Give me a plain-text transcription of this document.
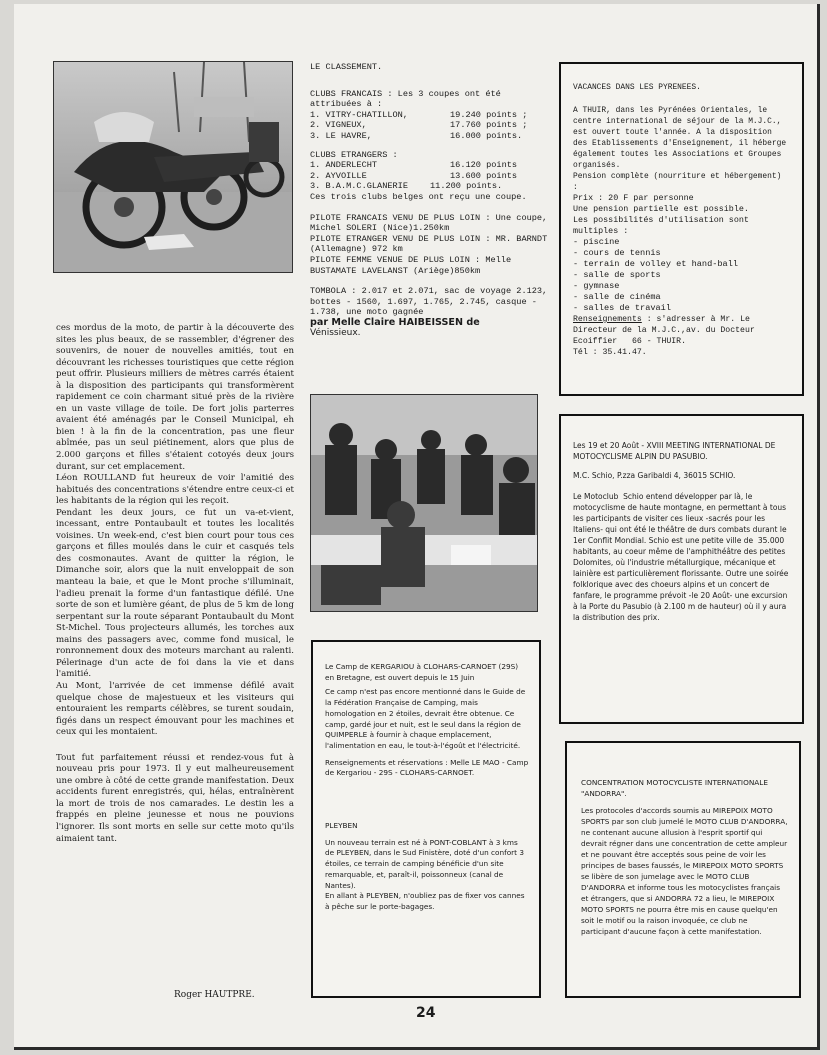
ces mordus de la moto, de partir à la découverte des sites les plus beaux, de se rassembler, d'égrener des souvenirs, de nouer de nouvelles amitiés, tout en découvrant les richesses touristiques que cette région peut offrir. Plusieurs milliers de mètres carrés étaient à la disposition des participants qui transformèrent rapidement ce coin charmant situé près de la rivière en un vaste village de toile. De fort jolis parterres avaient été aménagés par le Conseil Municipal, eh bien ! à la fin de la concentration, pas une fleur abîmée, pas un seul piétinement, alors que plus de 2.000 garçons et filles s'étaient cotoyés deux jours durant, sur cet emplacement.

Léon ROULLAND fut heureux de voir l'amitié des habitués des concentrations s'étendre entre ceux-ci et les habitants de la région qui les reçoit.

Pendant les deux jours, ce fut un va-et-vient, incessant, entre Pontaubault et toutes les localités voisines. Un week-end, c'est bien court pour tous ces garçons et filles moulés dans le cuir et casqués tels des cosmonautes. Avant de quitter la région, le Dimanche soir, alors que la nuit enveloppait de son manteau la baie, et que le Mont proche s'illuminait, l'adieu prenait la forme d'un fantastique défilé. Une sorte de son et lumière géant, de plus de 5 km de long serpentant sur la route séparant Pontaubault du Mont St-Michel. Tous projecteurs allumés, les torches aux mains des passagers avec, comme fond musical, le ronronnement doux des moteurs marchant au ralenti. Pélerinage d'un acte de foi dans la vie et dans l'amitié.

Au Mont, l'arrivée de cet immense défilé avait quelque chose de majestueux et les visiteurs qui entouraient les remparts célèbres, se turent soudain, figés dans un respect émouvant pour les machines et ceux qui les montaient.

Tout fut parfaitement réussi et rendez-vous fut à nouveau pris pour 1973. Il y eut malheureusement une ombre à côté de cette grande manifestation. Deux accidents furent enregistrés, qui, hélas, entraînèrent la mort de trois de nos camarades. Le destin les a frappés en pleine jeunesse et nous ne pouvions l'ignorer. Ils sont morts en selle sur cette moto qu'ils aimaient tant.

Roger HAUTPRE.

LE CLASSEMENT.

CLUBS FRANCAIS : Les 3 coupes ont été attribuées à :

1. VITRY-CHATILLON,	19.240 points ;
2. VIGNEUX,	17.760 points ;
3. LE HAVRE,	16.000 points.

CLUBS ETRANGERS :

1. ANDERLECHT	16.120 points
2. AYVOILLE	13.600 points
3. B.A.M.C.GLANERIE	11.200 points.

Ces trois clubs belges ont reçu une coupe.

PILOTE FRANCAIS VENU DE PLUS LOIN : Une coupe, Michel SOLERI (Nice)1.250km

PILOTE ETRANGER VENU DE PLUS LOIN : MR. BARNDT (Allemagne) 972 km

PILOTE FEMME VENUE DE PLUS LOIN : Melle BUSTAMATE LAVELANST (Ariège)850km

TOMBOLA : 2.017 et 2.071, sac de voyage 2.123, bottes - 1560, 1.697, 1.765, 2.745, casque - 1.738, une moto gagnée

par Melle Claire HAIBEISSEN de

Vénissieux.

VACANCES DANS LES PYRENEES.

A THUIR, dans les Pyrénées Orientales, le centre international de séjour de la M.J.C., est ouvert toute l'année. A la disposition des Etablissements d'Enseignement, il héberge également toutes les Associations et Groupes organisés.

Pension complète (nourriture et hébergement) :

Prix : 20 F par personne

Une pension partielle est possible.

Les possibilités d'utilisation sont multiples :

- piscine
- cours de tennis
- terrain de volley et hand-ball
- salle de sports
- gymnase
- salle de cinéma
- salles de travail

Renseignements : s'adresser à Mr. Le Directeur de la M.J.C.,av. du Docteur Ecoiffier   66 - THUIR.

Tél : 35.41.47.

Les 19 et 20 Août - XVIII MEETING INTERNATIONAL DE MOTOCYCLISME ALPIN DU PASUBIO.

M.C. Schio, P.zza Garibaldi 4, 36015 SCHIO.

Le Motoclub  Schio entend développer par là, le motocyclisme de haute montagne, en permettant à tous les participants de visiter ces lieux -sacrés pour les Italiens- qui ont été le théâtre de durs combats durant le 1er Conflit Mondial. Schio est une petite ville de  35.000 habitants, au coeur même de l'amphithéâtre des petites Dolomites, où l'industrie métallurgique, mécanique et lainière est particulièrement florissante. Outre une soirée folklorique avec des choeurs alpins et un concert de fanfare, le programme prévoit -le 20 Août- une excursion à la Porte du Pasubio (à 2.100 m de hauteur) où il y aura la distribution des prix.

Le Camp de KERGARIOU à CLOHARS-CARNOET (29S) en Bretagne, est ouvert depuis le 15 Juin

Ce camp n'est pas encore mentionné dans le Guide de la Fédération Française de Camping, mais homologation en 2 étoiles, devrait être obtenue. Ce camp, gardé jour et nuit, est le seul dans la région de QUIMPERLE à fournir à chaque emplacement, l'alimentation en eau, le tout-à-l'égoût et l'électricité.

Renseignements et réservations : Melle LE MAO - Camp de Kergariou - 29S - CLOHARS-CARNOET.

PLEYBEN

Un nouveau terrain est né à PONT-COBLANT à 3 kms de PLEYBEN, dans le Sud Finistère, doté d'un confort 3 étoiles, ce terrain de camping bénéficie d'un site remarquable, et, paraît-il, poissonneux (canal de Nantes).

En allant à PLEYBEN, n'oubliez pas de fixer vos cannes à pêche sur le porte-bagages.

CONCENTRATION MOTOCYCLISTE INTERNATIONALE "ANDORRA".

Les protocoles d'accords soumis au MIREPOIX MOTO SPORTS par son club jumelé le MOTO CLUB D'ANDORRA, ne contenant aucune allusion à l'esprit sportif qui devrait régner dans une concentration de cette ampleur et ne pouvant être acceptés sous peine de voir les principes de bases faussés, le MIREPOIX MOTO SPORTS se libère de son jumelage avec le MOTO CLUB D'ANDORRA et informe tous les motocyclistes français et étrangers, que si ANDORRA 72 a lieu, le MIREPOIX MOTO SPORTS ne pourra être mis en cause quelqu'en soit le motif ou la raison invoquée, ce club ne participant d'aucune façon à cette manifestation.

24
